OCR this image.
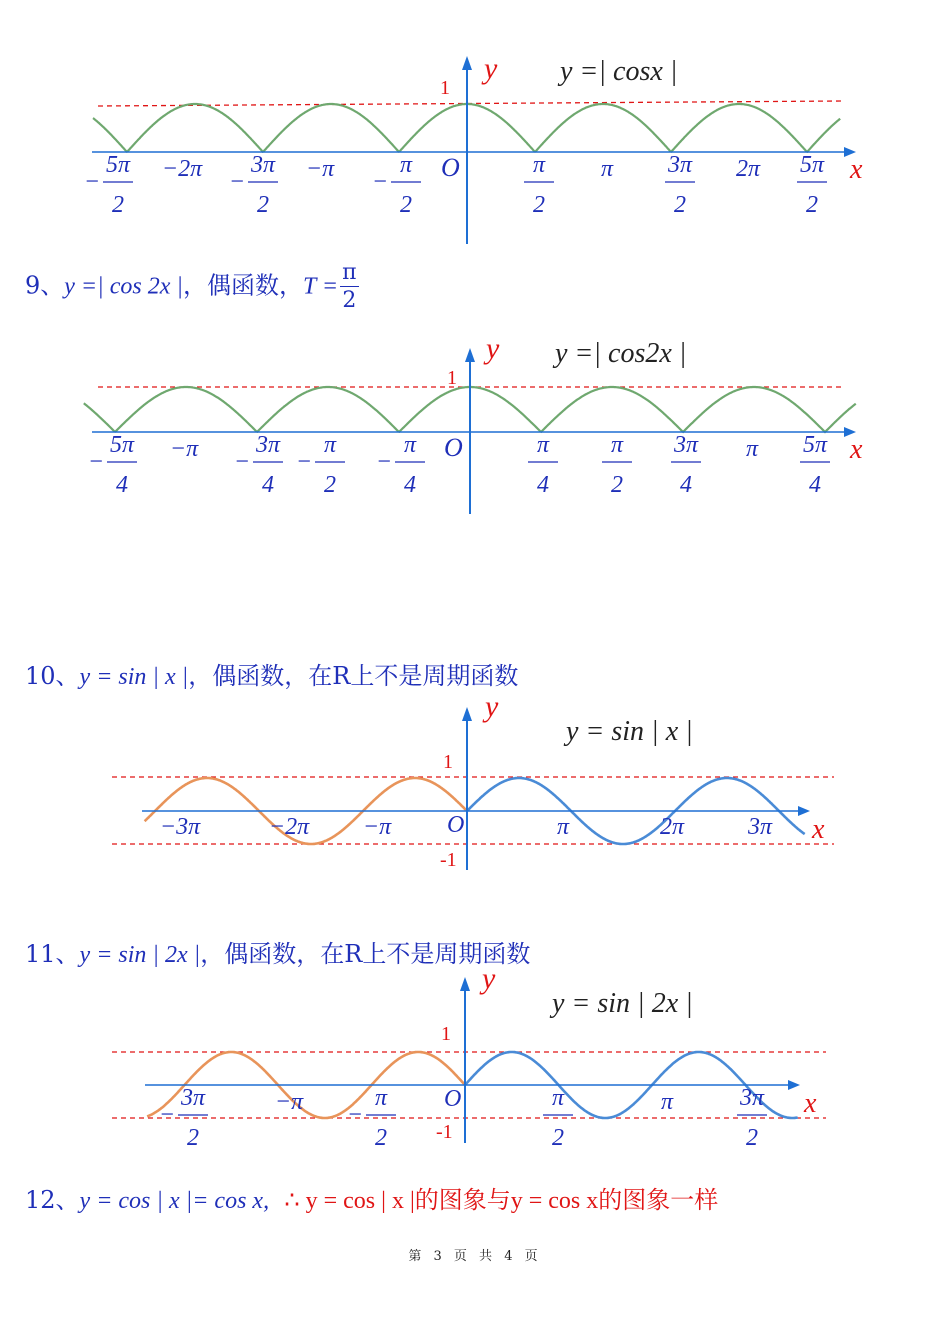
y
x
1
O
y =| cosx |
5π
2
−	−2π 3π
2
−	−π	π
2
−
π
2
π 3π
2
2π 5π
2
9、y =| cos 2x |，偶函数，$T = \frac{\pi}{2}$
y
x
1
O
y =| cos2x |
5π
4
−	−π 3π
4
−
π
2
−
π
4
−
π
4
π
2
3π
4
π 5π
4
10、y = sin | x |，偶函数，在R上不是周期函数
y
x
1
-1
O
y = sin | x |
−3π	−2π −π	π	2π	3π
11、y = sin | 2x |，偶函数，在R上不是周期函数
y
x
1
-1
O
y = sin | 2x |
3π
2
−	−π	π
2
−
π
2
π	3π
2
12、y = cos | x |= cos x, ∴ y = cos | x |的图象与y = cos x的图象一样
第 3 页 共 4 页
